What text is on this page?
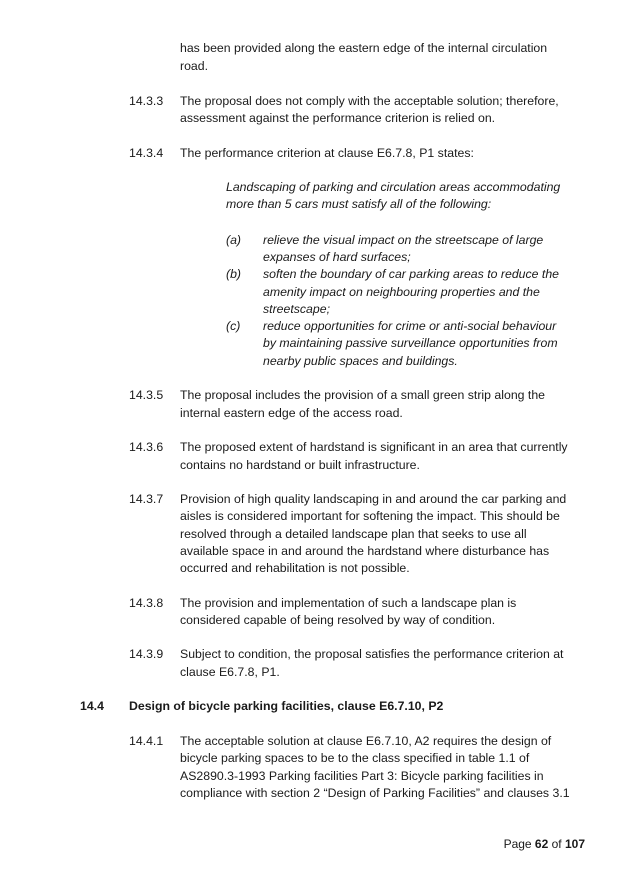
has been provided along the eastern edge of the internal circulation
road.
14.3.3 The proposal does not comply with the acceptable solution; therefore,
assessment against the performance criterion is relied on.
14.3.4 The performance criterion at clause E6.7.8, P1 states:
Landscaping of parking and circulation areas accommodating
more than 5 cars must satisfy all of the following:
(a) relieve the visual impact on the streetscape of large
expanses of hard surfaces;
(b) soften the boundary of car parking areas to reduce the
amenity impact on neighbouring properties and the
streetscape;
(c) reduce opportunities for crime or anti-social behaviour
by maintaining passive surveillance opportunities from
nearby public spaces and buildings.
14.3.5 The proposal includes the provision of a small green strip along the
internal eastern edge of the access road.
14.3.6 The proposed extent of hardstand is significant in an area that currently
contains no hardstand or built infrastructure.
14.3.7 Provision of high quality landscaping in and around the car parking and
aisles is considered important for softening the impact. This should be
resolved through a detailed landscape plan that seeks to use all
available space in and around the hardstand where disturbance has
occurred and rehabilitation is not possible.
14.3.8 The provision and implementation of such a landscape plan is
considered capable of being resolved by way of condition.
14.3.9 Subject to condition, the proposal satisfies the performance criterion at
clause E6.7.8, P1.
14.4 Design of bicycle parking facilities, clause E6.7.10, P2
14.4.1 The acceptable solution at clause E6.7.10, A2 requires the design of
bicycle parking spaces to be to the class specified in table 1.1 of
AS2890.3-1993 Parking facilities Part 3: Bicycle parking facilities in
compliance with section 2 “Design of Parking Facilities” and clauses 3.1
Page 62 of 107
